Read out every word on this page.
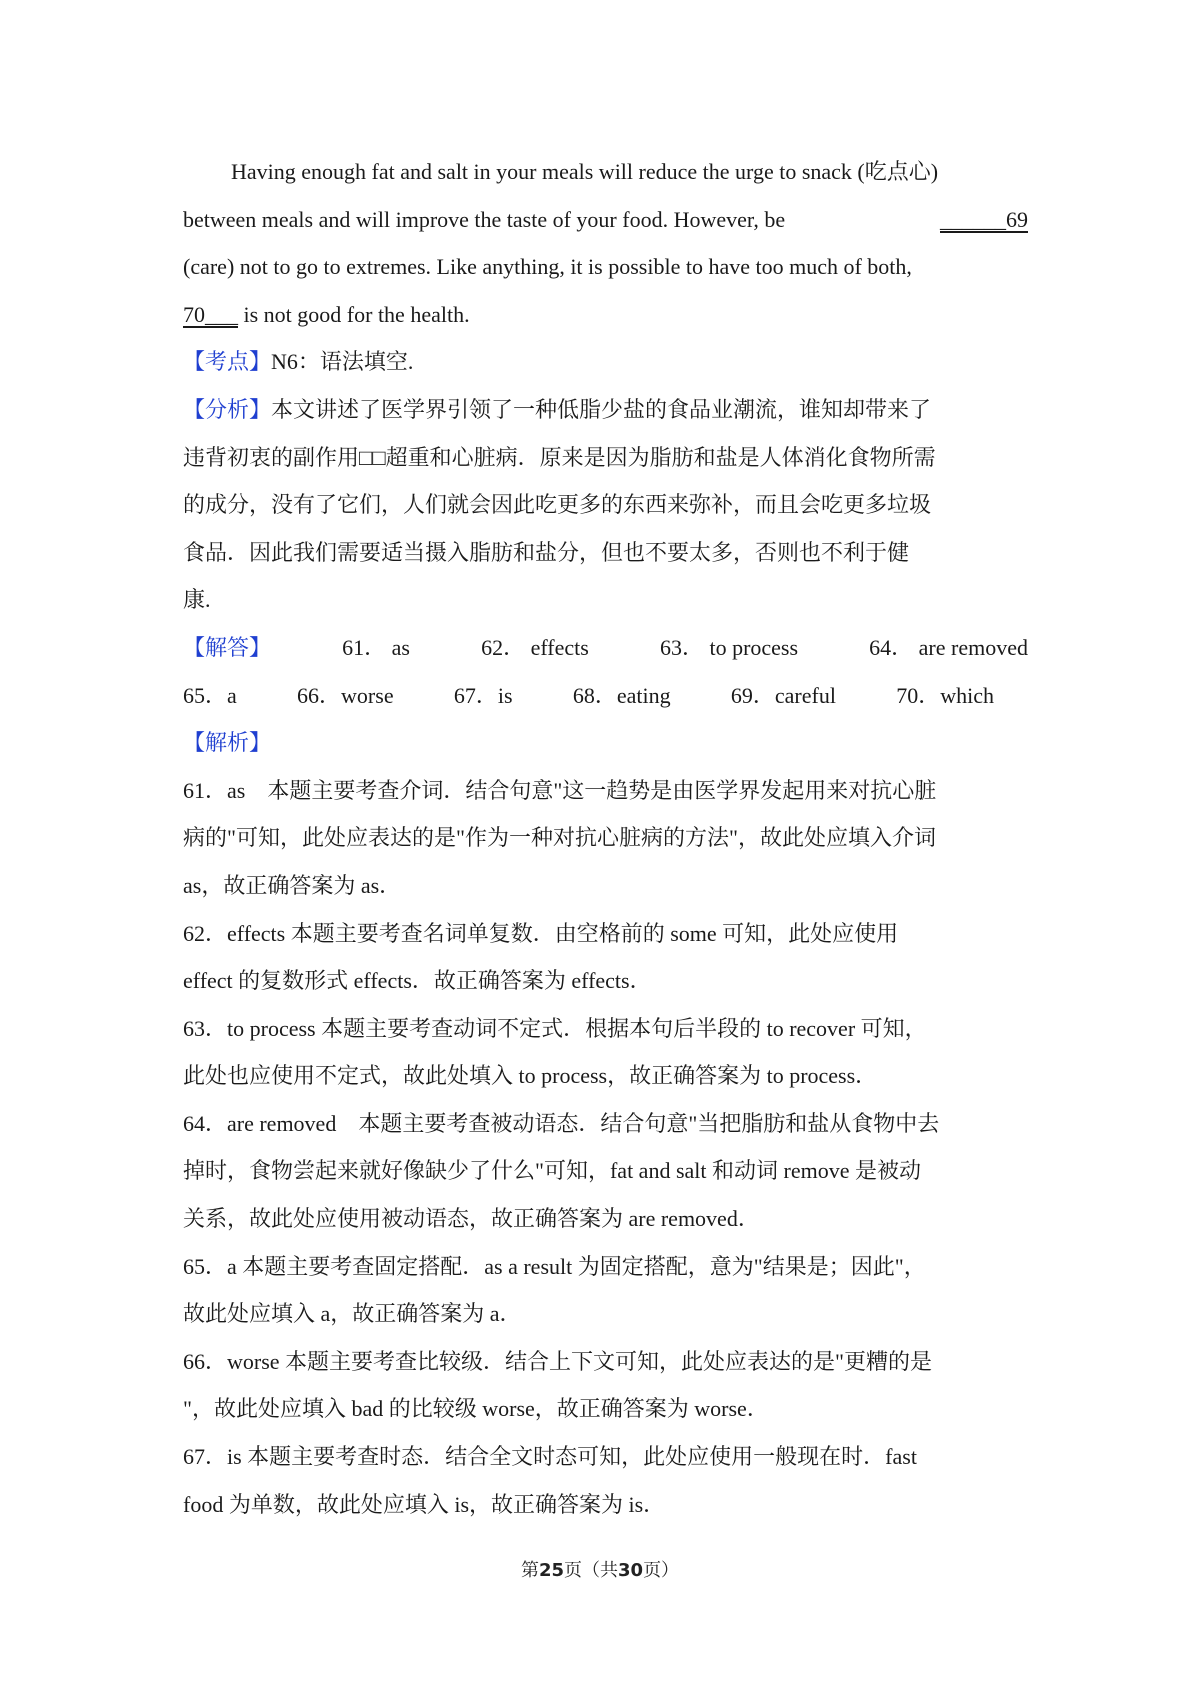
Having enough fat and salt in your meals will reduce the urge to snack (吃点心)
between meals and will improve the taste of your food. However, be	______69
(care) not to go to extremes. Like anything, it is possible to have too much of both,
70___ is not good for the health.
【考点】N6：语法填空.
【分析】本文讲述了医学界引领了一种低脂少盐的食品业潮流，谁知却带来了
违背初衷的副作用□□超重和心脏病．原来是因为脂肪和盐是人体消化食物所需
的成分，没有了它们，人们就会因此吃更多的东西来弥补，而且会吃更多垃圾
食品．因此我们需要适当摄入脂肪和盐分，但也不要太多，否则也不利于健
康.
【解答】	61． as	62． effects	63． to process	64． are removed
65．a	66．worse	67．is	68．eating	69．careful	70．which
【解析】
61．as　本题主要考查介词．结合句意"这一趋势是由医学界发起用来对抗心脏
病的"可知，此处应表达的是"作为一种对抗心脏病的方法"，故此处应填入介词
as，故正确答案为 as．
62．effects 本题主要考查名词单复数．由空格前的 some 可知，此处应使用
effect 的复数形式 effects．故正确答案为 effects．
63．to process 本题主要考查动词不定式．根据本句后半段的 to recover 可知，
此处也应使用不定式，故此处填入 to process，故正确答案为 to process．
64．are removed　本题主要考查被动语态．结合句意"当把脂肪和盐从食物中去
掉时，食物尝起来就好像缺少了什么"可知，fat and salt 和动词 remove 是被动
关系，故此处应使用被动语态，故正确答案为 are removed．
65．a 本题主要考查固定搭配．as a result 为固定搭配，意为"结果是；因此"，
故此处应填入 a，故正确答案为 a．
66．worse 本题主要考查比较级．结合上下文可知，此处应表达的是"更糟的是
"，故此处应填入 bad 的比较级 worse，故正确答案为 worse．
67．is 本题主要考查时态．结合全文时态可知，此处应使用一般现在时．fast
food 为单数，故此处应填入 is，故正确答案为 is．
第25页（共30页）
